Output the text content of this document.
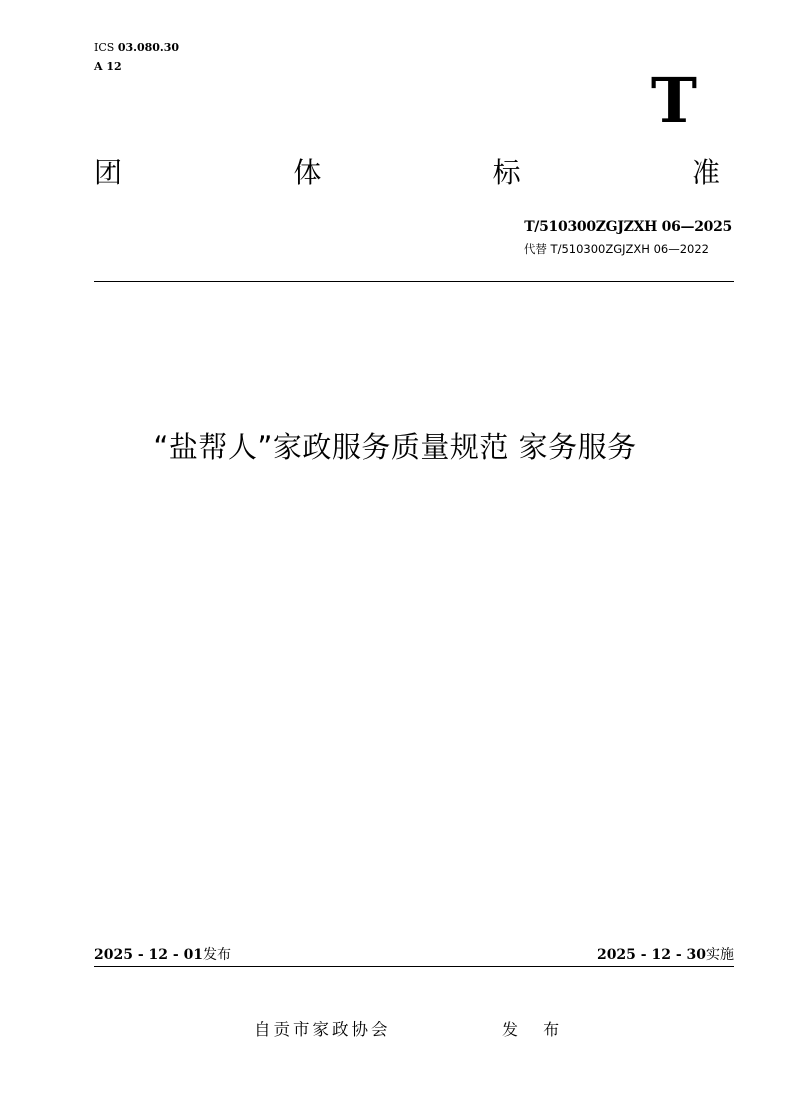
ICS 03.080.30
A 12	T
团	体	标	准
T/510300ZGJZXH 06—2025
代替 T/510300ZGJZXH 06—2022
“盐帮人”家政服务质量规范 家务服务
2025 - 12 - 01发布	2025 - 12 - 30实施
自贡市家政协会	发 布
